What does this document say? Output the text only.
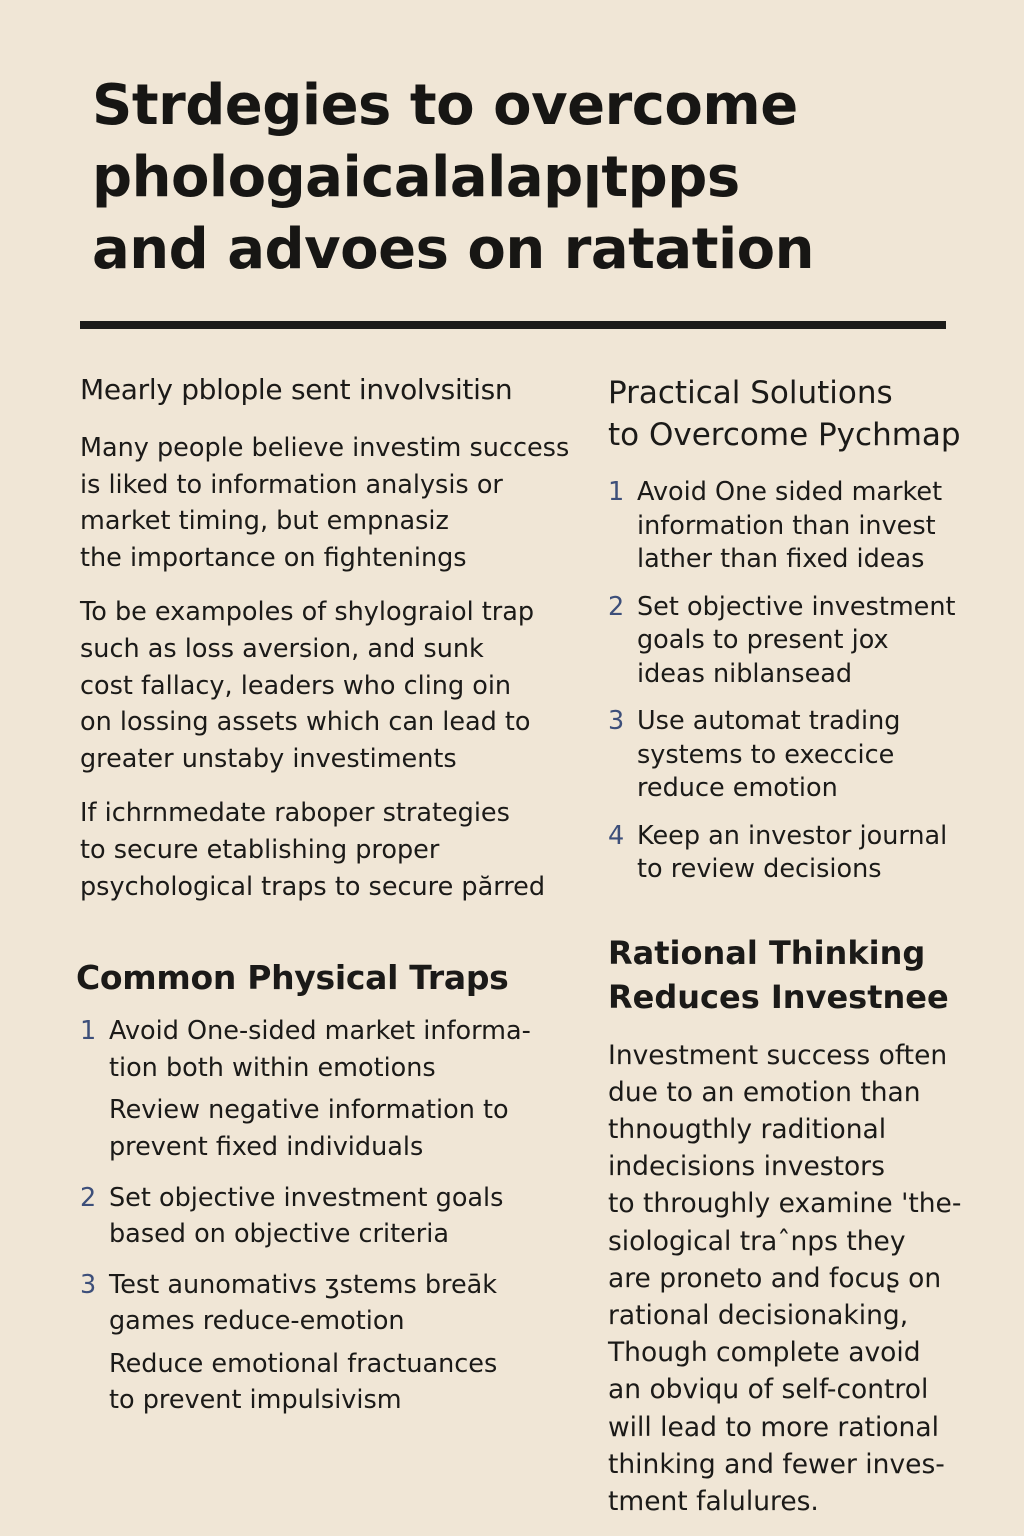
Strdegies to overcome
phologaicalalapꞁtpps
and advoes on ratation
Mearly pblople sent involvsitisn
Many people believe investim success
is liked to information analysis or
market timing, but empnasiz
the importance on fightenings
To be exampoles of shylograiol trap
such as loss aversion, and sunk
cost fallacy, leaders who cling oin
on lossing assets which can lead to
greater unstaby investiments
If ichrnmedate raboper strategies
to secure etablishing proper
psychological traps to secure părred
Common Physical Traps
1 Avoid One-sided market informa-
tion both within emotions
Review negative information to
prevent fixed individuals
2 Set objective investment goals
based on objective criteria
3 Test aunomativs ʒstems breāk
games reduce-emotion
Reduce emotional fractuances
to prevent impulsivism
Practical Solutions
to Overcome Pychmap
1 Avoid One sided market
information than invest
lather than fixed ideas
2 Set objective investment
goals to present jox
ideas niblansead
3 Use automat trading
systems to execcice
reduce emotion
4 Keep an investor journal
to review decisions
Rational Thinking
Reduces Investnee
Investment success often
due to an emotion than
thnougthly raditional
indecisions investors
to throughly examine 'the-
siological traˆnps they
are proneto and focuʂ on
rational decisionaking,
Though complete avoid
an obviqu of self-control
will lead to more rational
thinking and fewer inves-
tment falulures.
